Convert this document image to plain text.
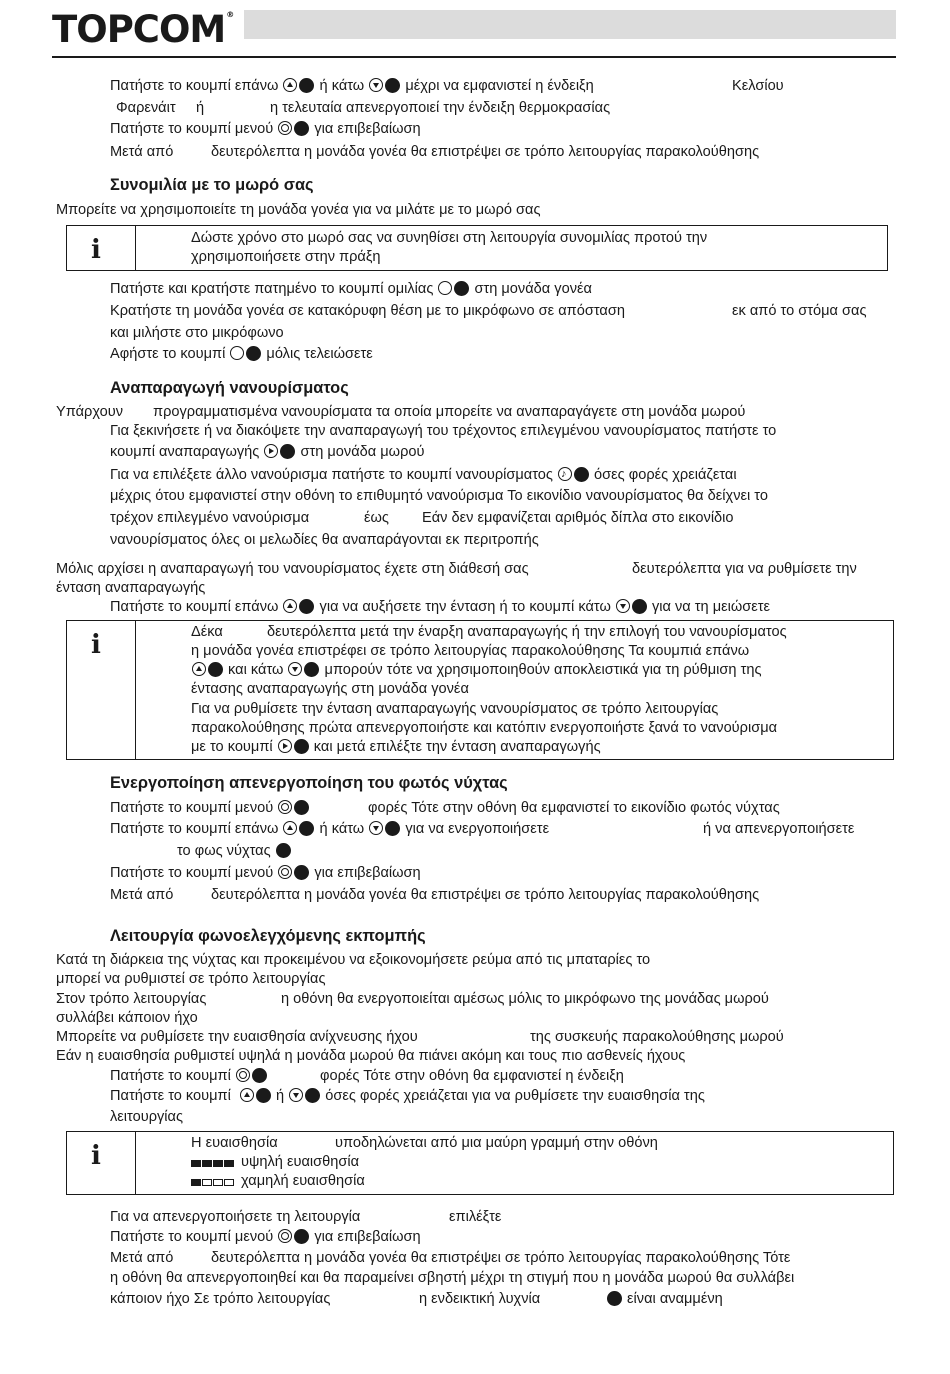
TOPCOM®
Πατήστε το κουμπί επάνω  ή κάτω  μέχρι να εμφανιστεί η ένδειξη	Κελσίου
Φαρενάιτ ή	η τελευταία απενεργοποιεί την ένδειξη θερμοκρασίας
Πατήστε το κουμπί μενού  για επιβεβαίωση
Μετά από	δευτερόλεπτα η μονάδα γονέα θα επιστρέψει σε τρόπο λειτουργίας παρακολούθησης
Συνομιλία με το μωρό σας
Μπορείτε να χρησιμοποιείτε τη μονάδα γονέα για να μιλάτε με το μωρό σας
i	Δώστε χρόνο στο μωρό σας να συνηθίσει στη λειτουργία συνομιλίας προτού την
χρησιμοποιήσετε στην πράξη
Πατήστε και κρατήστε πατημένο το κουμπί ομιλίας  στη μονάδα γονέα
Κρατήστε τη μονάδα γονέα σε κατακόρυφη θέση με το μικρόφωνο σε απόσταση	εκ από το στόμα σας
και μιλήστε στο μικρόφωνο
Αφήστε το κουμπί  μόλις τελειώσετε
Αναπαραγωγή νανουρίσματος
Υπάρχουν προγραμματισμένα νανουρίσματα τα οποία μπορείτε να αναπαραγάγετε στη μονάδα μωρού
Για ξεκινήσετε ή να διακόψετε την αναπαραγωγή του τρέχοντος επιλεγμένου νανουρίσματος πατήστε το
κουμπί αναπαραγωγής  στη μονάδα μωρού
Για να επιλέξετε άλλο νανούρισμα πατήστε το κουμπί νανουρίσματος ♪ όσες φορές χρειάζεται
μέχρις ότου εμφανιστεί στην οθόνη το επιθυμητό νανούρισμα Το εικονίδιο νανουρίσματος θα δείχνει το
τρέχον επιλεγμένο νανούρισμα	έως Εάν δεν εμφανίζεται αριθμός δίπλα στο εικονίδιο
νανουρίσματος όλες οι μελωδίες θα αναπαράγονται εκ περιτροπής
Μόλις αρχίσει η αναπαραγωγή του νανουρίσματος έχετε στη διάθεσή σας	δευτερόλεπτα για να ρυθμίσετε την
ένταση αναπαραγωγής
Πατήστε το κουμπί επάνω  για να αυξήσετε την ένταση ή το κουμπί κάτω  για να τη μειώσετε
i	Δέκα	δευτερόλεπτα μετά την έναρξη αναπαραγωγής ή την επιλογή του νανουρίσματος
η μονάδα γονέα επιστρέφει σε τρόπο λειτουργίας παρακολούθησης Τα κουμπιά επάνω
και κάτω  μπορούν τότε να χρησιμοποιηθούν αποκλειστικά για τη ρύθμιση της
έντασης αναπαραγωγής στη μονάδα γονέα
Για να ρυθμίσετε την ένταση αναπαραγωγής νανουρίσματος σε τρόπο λειτουργίας
παρακολούθησης πρώτα απενεργοποιήστε και κατόπιν ενεργοποιήστε ξανά το νανούρισμα
με το κουμπί  και μετά επιλέξτε την ένταση αναπαραγωγής
Ενεργοποίηση απενεργοποίηση του φωτός νύχτας
Πατήστε το κουμπί μενού	φορές Τότε στην οθόνη θα εμφανιστεί το εικονίδιο φωτός νύχτας
Πατήστε το κουμπί επάνω  ή κάτω  για να ενεργοποιήσετε	ή να απενεργοποιήσετε
το φως νύχτας
Πατήστε το κουμπί μενού  για επιβεβαίωση
Μετά από	δευτερόλεπτα η μονάδα γονέα θα επιστρέψει σε τρόπο λειτουργίας παρακολούθησης
Λειτουργία φωνοελεγχόμενης εκπομπής
Κατά τη διάρκεια της νύχτας και προκειμένου να εξοικονομήσετε ρεύμα από τις μπαταρίες το
μπορεί να ρυθμιστεί σε τρόπο λειτουργίας
Στον τρόπο λειτουργίας	η οθόνη θα ενεργοποιείται αμέσως μόλις το μικρόφωνο της μονάδας μωρού
συλλάβει κάποιον ήχο
Μπορείτε να ρυθμίσετε την ευαισθησία ανίχνευσης ήχου	της συσκευής παρακολούθησης μωρού
Εάν η ευαισθησία ρυθμιστεί υψηλά η μονάδα μωρού θα πιάνει ακόμη και τους πιο ασθενείς ήχους
Πατήστε το κουμπί	φορές Τότε στην οθόνη θα εμφανιστεί η ένδειξη
Πατήστε το κουμπί	ή  όσες φορές χρειάζεται για να ρυθμίσετε την ευαισθησία της
λειτουργίας
i	Η ευαισθησία	υποδηλώνεται από μια μαύρη γραμμή στην οθόνη
υψηλή ευαισθησία
χαμηλή ευαισθησία
Για να απενεργοποιήσετε τη λειτουργία	επιλέξτε
Πατήστε το κουμπί μενού  για επιβεβαίωση
Μετά από	δευτερόλεπτα η μονάδα γονέα θα επιστρέψει σε τρόπο λειτουργίας παρακολούθησης Τότε
η οθόνη θα απενεργοποιηθεί και θα παραμείνει σβηστή μέχρι τη στιγμή που η μονάδα μωρού θα συλλάβει
κάποιον ήχο Σε τρόπο λειτουργίας	η ενδεικτική λυχνία	είναι αναμμένη
